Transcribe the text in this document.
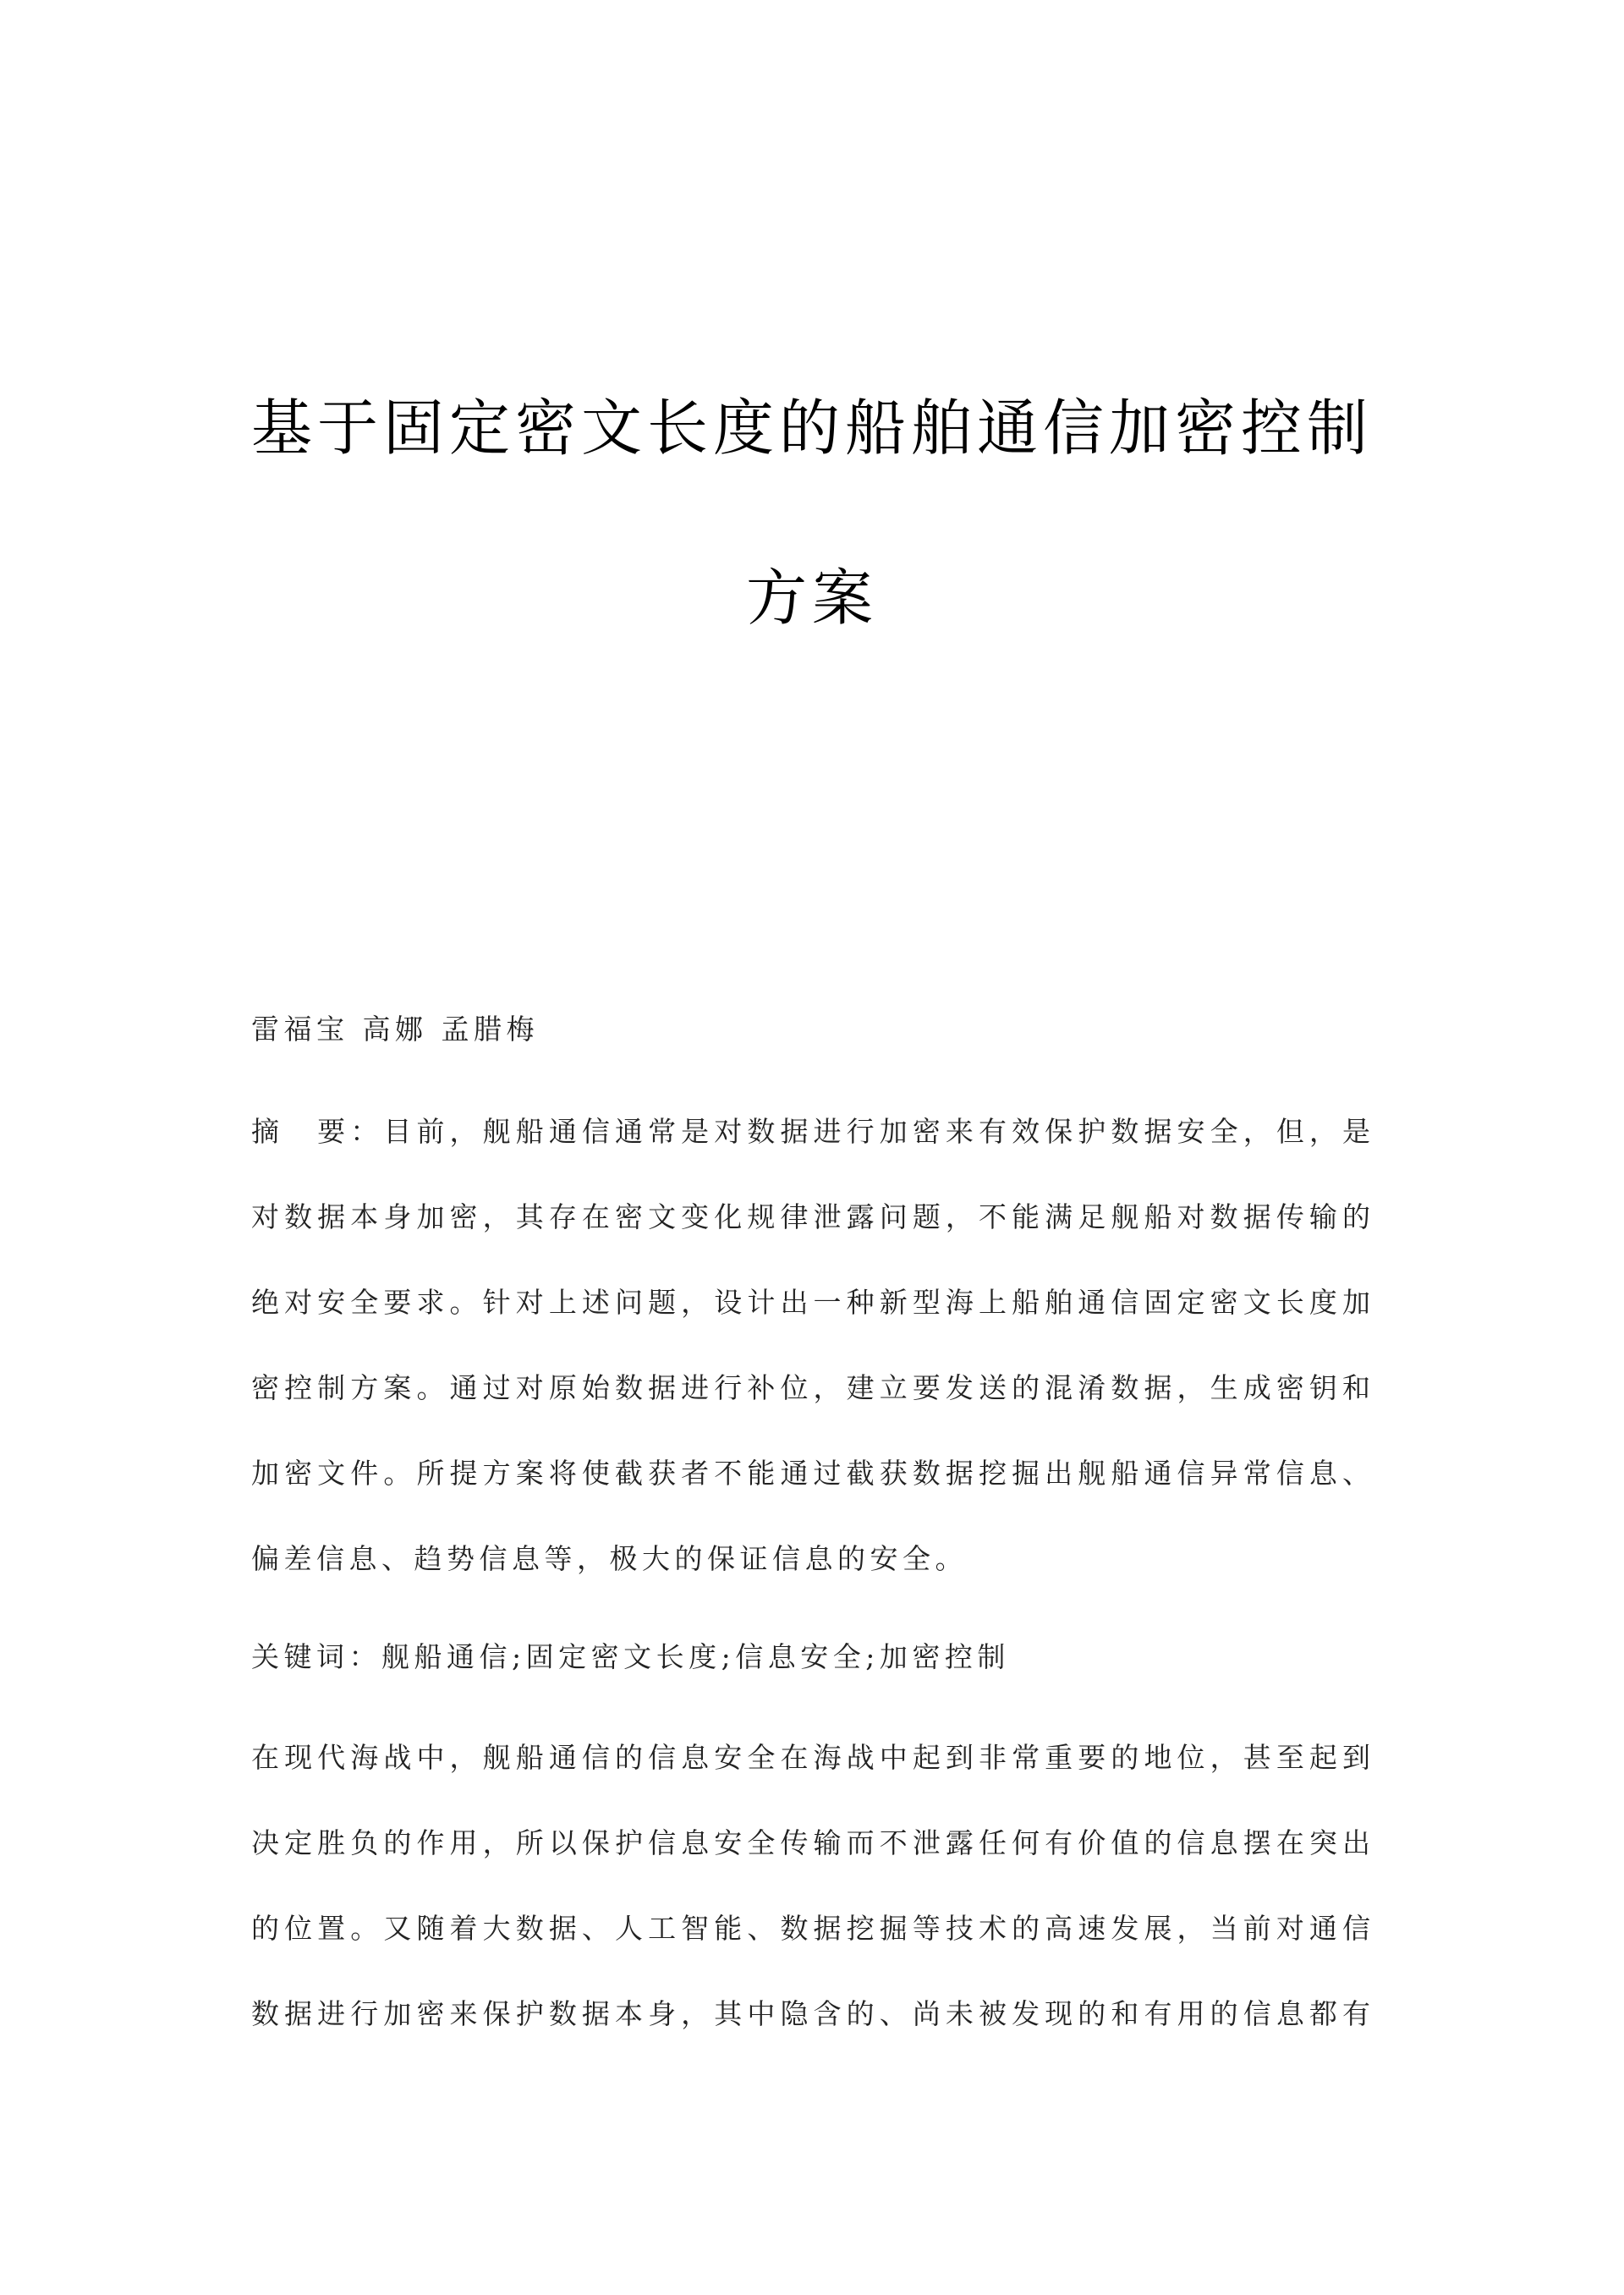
基于固定密文长度的船舶通信加密控制
方案
雷福宝 高娜 孟腊梅
摘　要：目前，舰船通信通常是对数据进行加密来有效保护数据安全，但，是
对数据本身加密，其存在密文变化规律泄露问题，不能满足舰船对数据传输的
绝对安全要求。针对上述问题，设计出一种新型海上船舶通信固定密文长度加
密控制方案。通过对原始数据进行补位，建立要发送的混淆数据，生成密钥和
加密文件。所提方案将使截获者不能通过截获数据挖掘出舰船通信异常信息、
偏差信息、趋势信息等，极大的保证信息的安全。
关键词：舰船通信;固定密文长度;信息安全;加密控制
在现代海战中，舰船通信的信息安全在海战中起到非常重要的地位，甚至起到
决定胜负的作用，所以保护信息安全传输而不泄露任何有价值的信息摆在突出
的位置。又随着大数据、人工智能、数据挖掘等技术的高速发展，当前对通信
数据进行加密来保护数据本身，其中隐含的、尚未被发现的和有用的信息都有
